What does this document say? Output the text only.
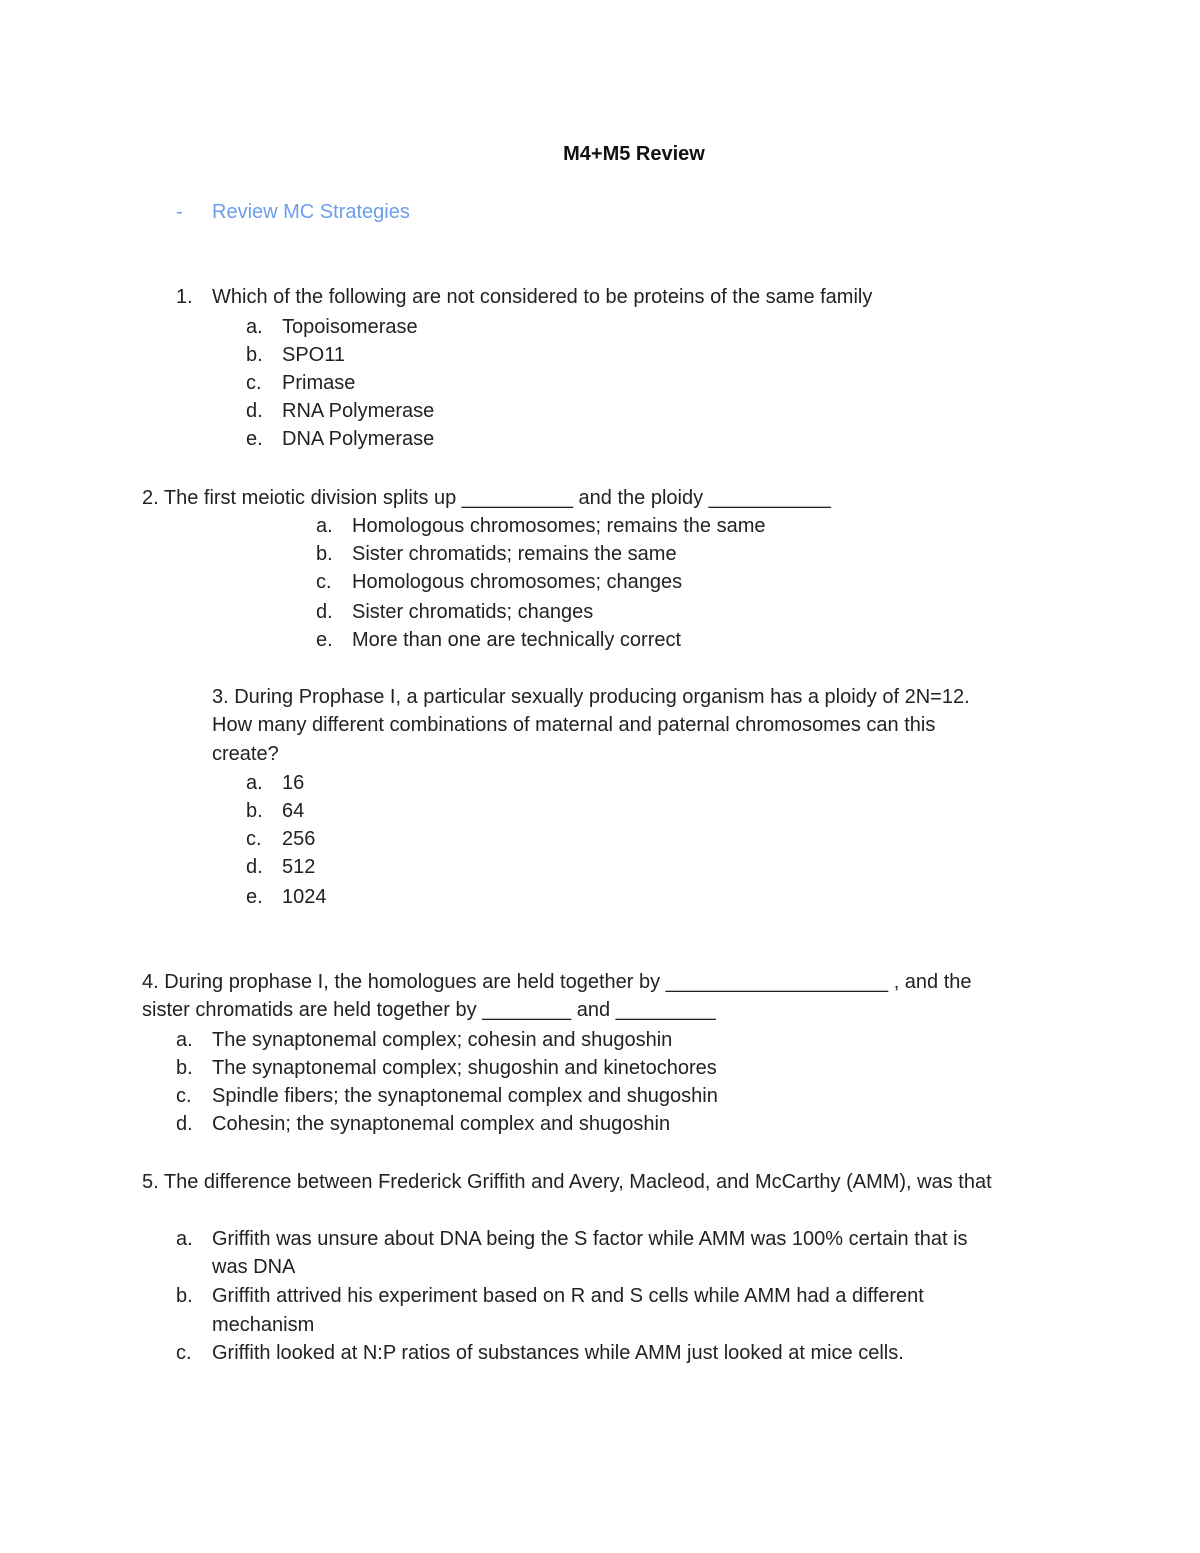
M4+M5 Review
- Review MC Strategies
1. Which of the following are not considered to be proteins of the same family
a. Topoisomerase
b. SPO11
c. Primase
d. RNA Polymerase
e. DNA Polymerase
2. The first meiotic division splits up __________ and the ploidy ___________
a. Homologous chromosomes; remains the same
b. Sister chromatids; remains the same
c. Homologous chromosomes; changes
d. Sister chromatids; changes
e. More than one are technically correct
3. During Prophase I, a particular sexually producing organism has a ploidy of 2N=12.
How many different combinations of maternal and paternal chromosomes can this
create?
a. 16
b. 64
c. 256
d. 512
e. 1024
4. During prophase I, the homologues are held together by ____________________ , and the
sister chromatids are held together by ________ and _________
a. The synaptonemal complex; cohesin and shugoshin
b. The synaptonemal complex; shugoshin and kinetochores
c. Spindle fibers; the synaptonemal complex and shugoshin
d. Cohesin; the synaptonemal complex and shugoshin
5. The difference between Frederick Griffith and Avery, Macleod, and McCarthy (AMM), was that
a. Griffith was unsure about DNA being the S factor while AMM was 100% certain that is
was DNA
b. Griffith attrived his experiment based on R and S cells while AMM had a different
mechanism
c. Griffith looked at N:P ratios of substances while AMM just looked at mice cells.
